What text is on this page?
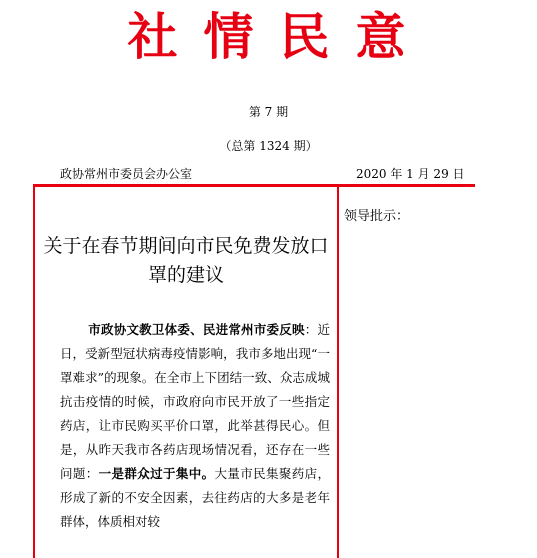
社情民意
第 7 期
（总第 1324 期）
政协常州市委员会办公室	2020 年 1 月 29 日
领导批示：
关于在春节期间向市民免费发放口罩的建议
市政协文教卫体委、民进常州市委反映：近日，受新型冠状病毒疫情影响，我市多地出现“一罩难求”的现象。在全市上下团结一致、众志成城抗击疫情的时候，市政府向市民开放了一些指定药店，让市民购买平价口罩，此举甚得民心。但是，从昨天我市各药店现场情况看，还存在一些问题：一是群众过于集中。大量市民集聚药店，形成了新的不安全因素，去往药店的大多是老年群体，体质相对较
